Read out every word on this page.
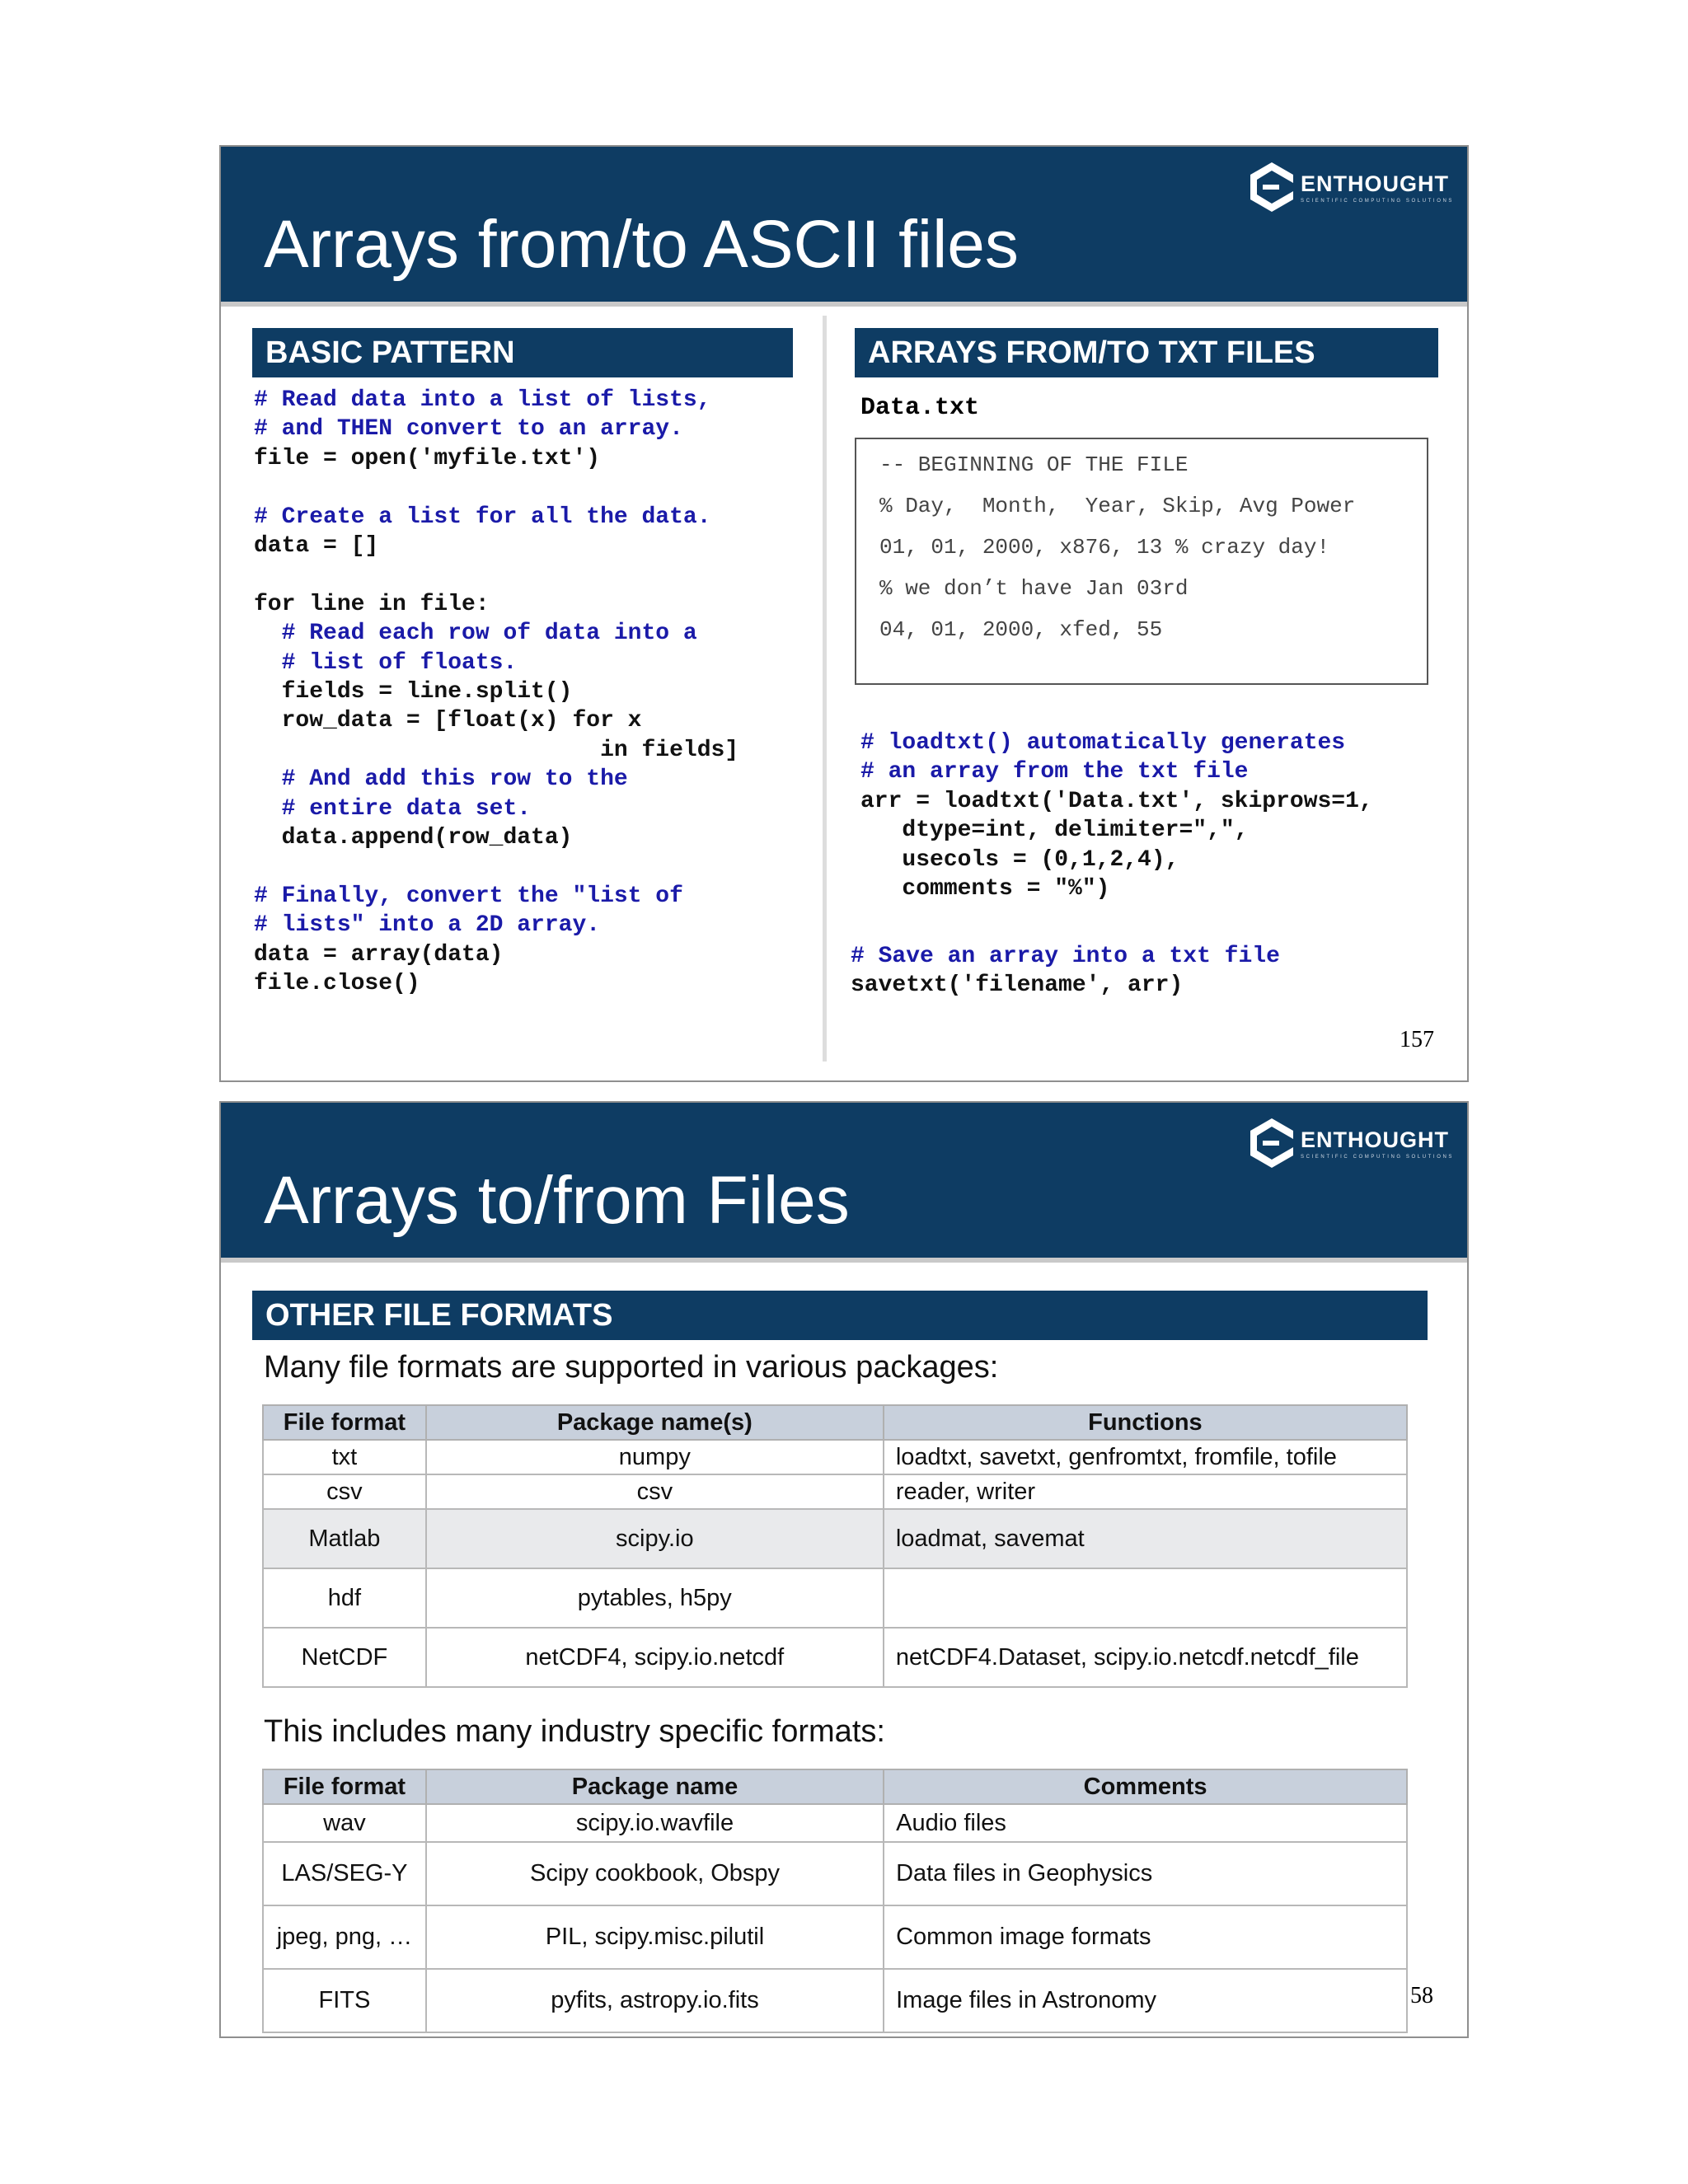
Arrays from/to ASCII files
ENTHOUGHT
SCIENTIFIC COMPUTING SOLUTIONS
BASIC PATTERN
# Read data into a list of lists,
# and THEN convert to an array.
file = open('myfile.txt')

# Create a list for all the data.
data = []

for line in file:
# Read each row of data into a
# list of floats.
fields = line.split()
row_data = [float(x) for x
in fields]
# And add this row to the
# entire data set.
data.append(row_data)

# Finally, convert the "list of
# lists" into a 2D array.
data = array(data)
file.close()
ARRAYS FROM/TO TXT FILES
Data.txt
-- BEGINNING OF THE FILE
% Day,  Month,  Year, Skip, Avg Power
01, 01, 2000, x876, 13 % crazy day!
% we don’t have Jan 03rd
04, 01, 2000, xfed, 55
# loadtxt() automatically generates
# an array from the txt file
arr = loadtxt('Data.txt', skiprows=1,
dtype=int, delimiter=",",
usecols = (0,1,2,4),
comments = "%")
# Save an array into a txt file
savetxt('filename', arr)
157
Arrays to/from Files
ENTHOUGHT
SCIENTIFIC COMPUTING SOLUTIONS
OTHER FILE FORMATS
Many file formats are supported in various packages:
File format	Package name(s)	Functions
txt	numpy	loadtxt, savetxt, genfromtxt, fromfile, tofile
csv	csv	reader, writer
Matlab	scipy.io	loadmat, savemat
hdf	pytables, h5py	
NetCDF	netCDF4, scipy.io.netcdf	netCDF4.Dataset, scipy.io.netcdf.netcdf_file
This includes many industry specific formats:
File format	Package name	Comments
wav	scipy.io.wavfile	Audio files
LAS/SEG-Y	Scipy cookbook, Obspy	Data files in Geophysics
jpeg, png, …	PIL, scipy.misc.pilutil	Common image formats
FITS	pyfits, astropy.io.fits	Image files in Astronomy	58
